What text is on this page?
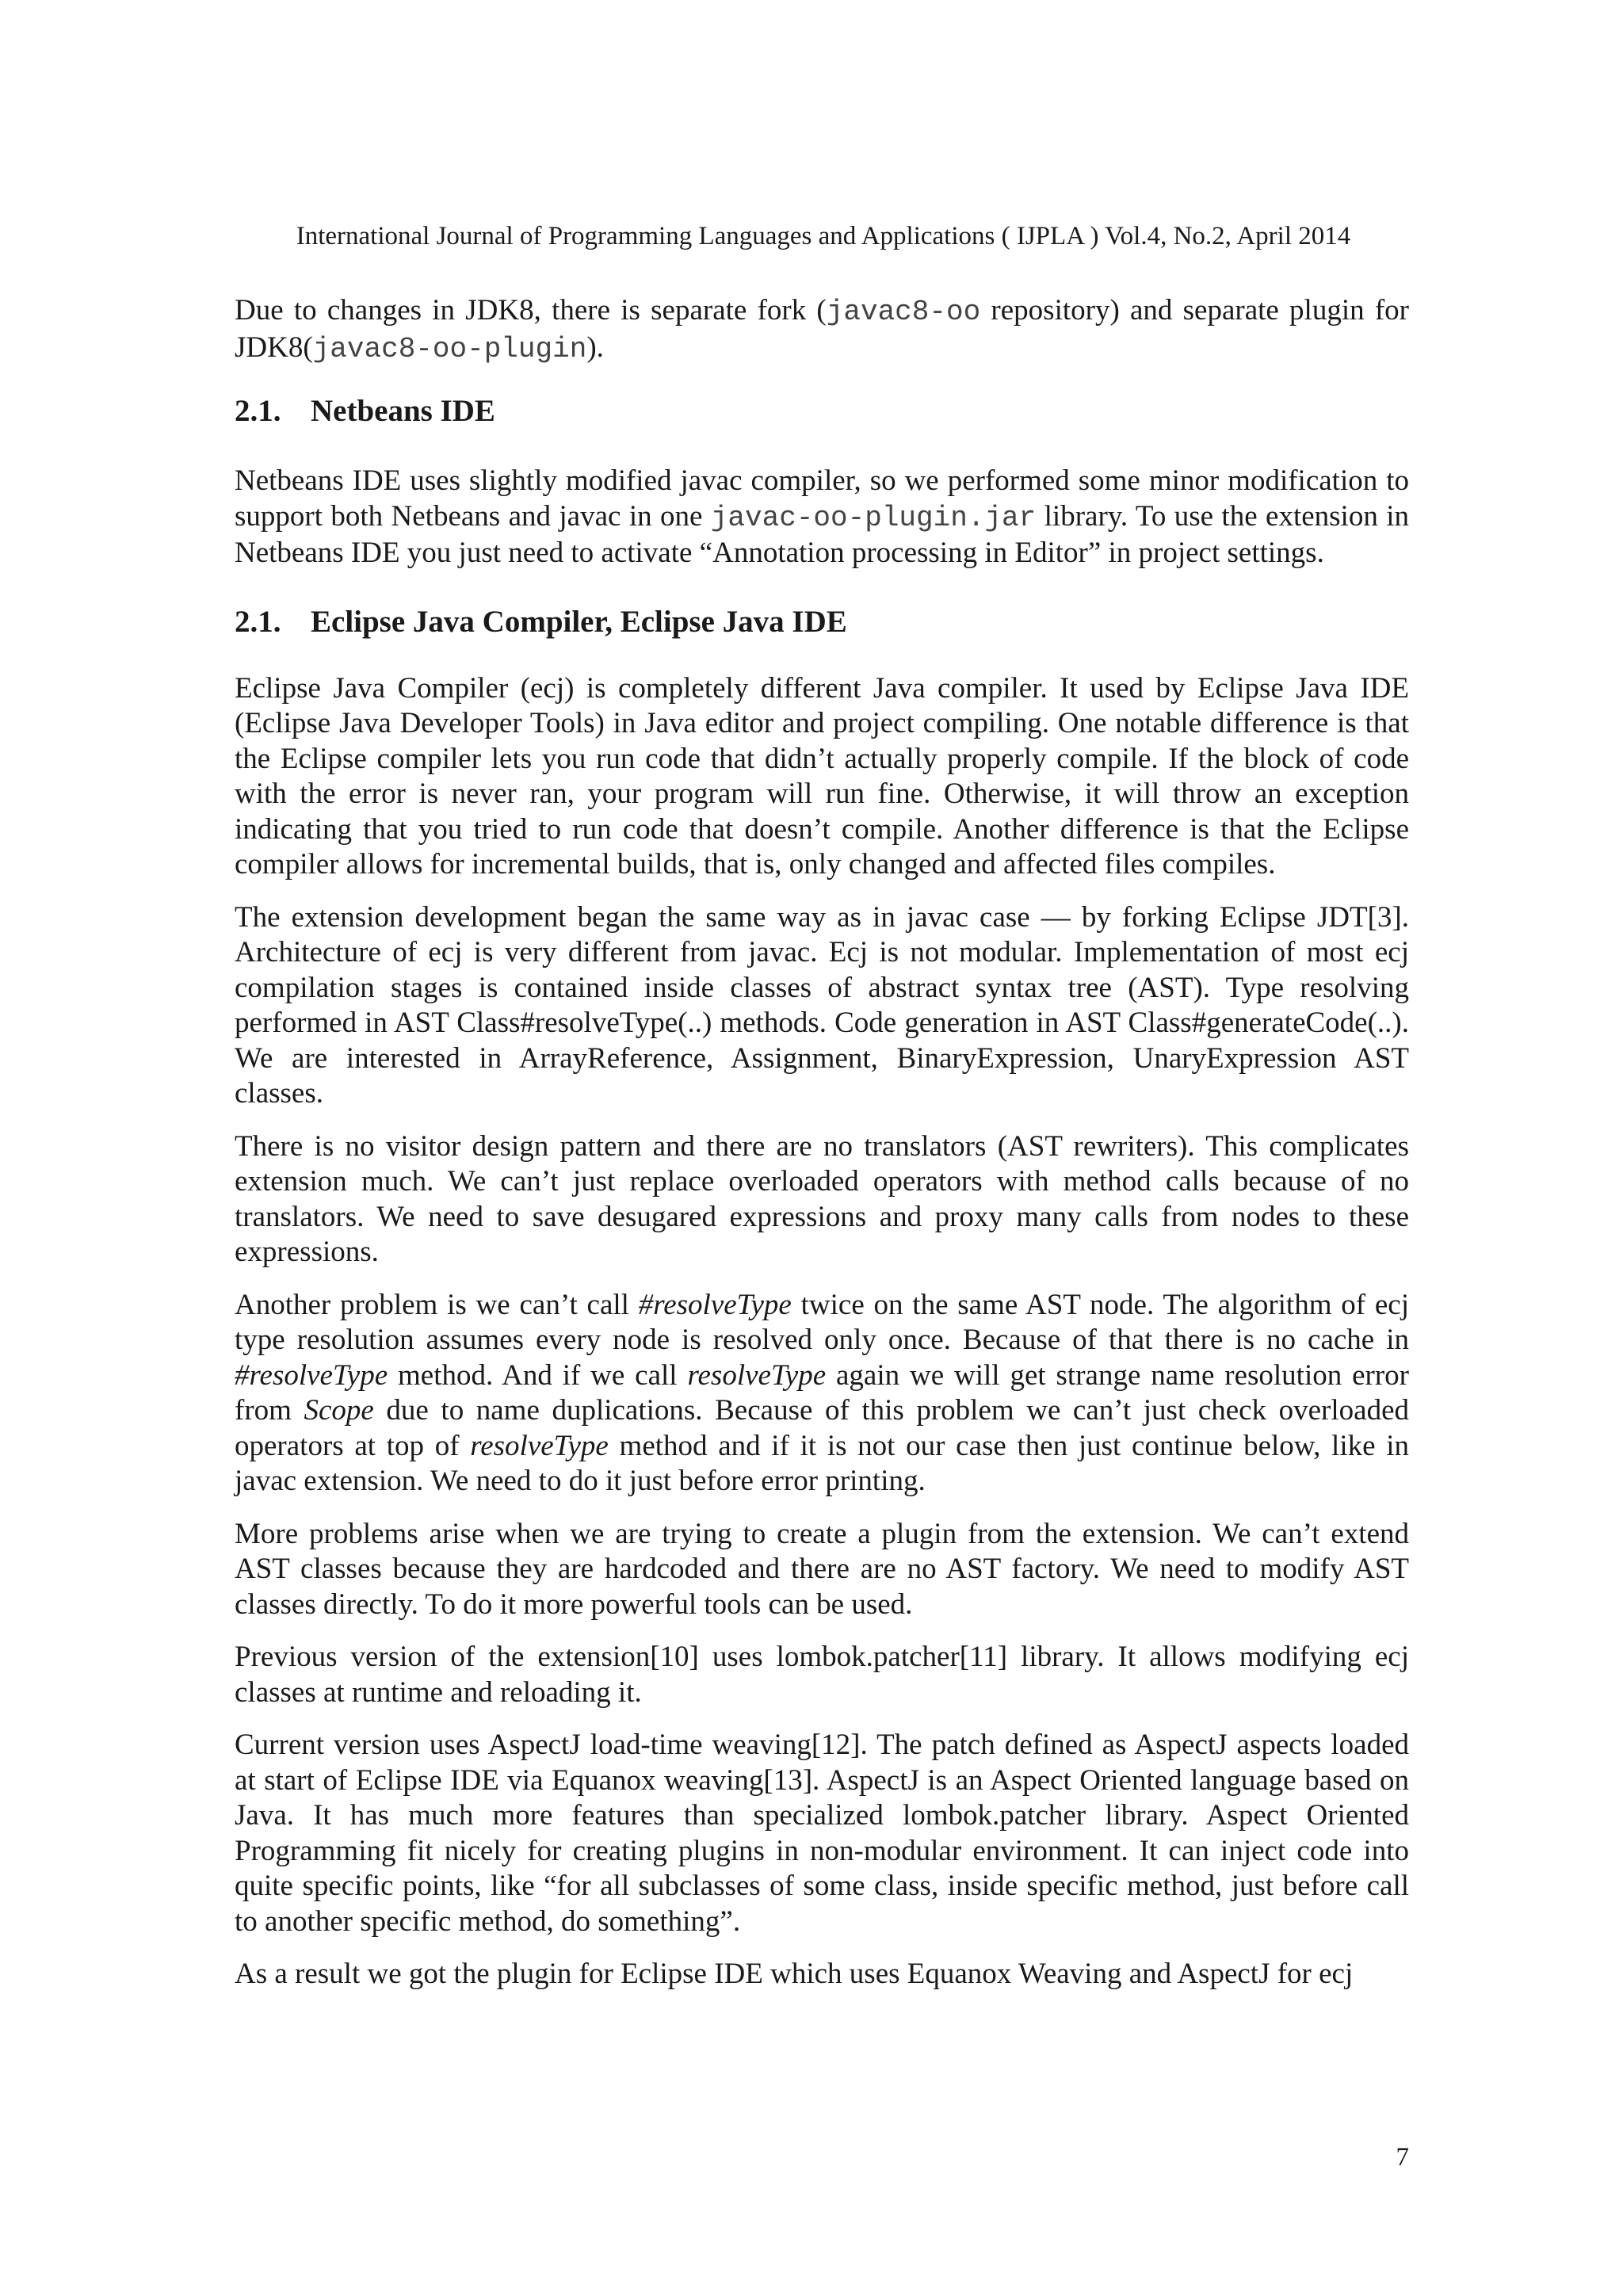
International Journal of Programming Languages and Applications ( IJPLA ) Vol.4, No.2, April 2014

Due to changes in JDK8, there is separate fork (javac8-oo repository) and separate plugin for JDK8(javac8-oo-plugin).

2.1. Netbeans IDE

Netbeans IDE uses slightly modified javac compiler, so we performed some minor modification to support both Netbeans and javac in one javac-oo-plugin.jar library. To use the extension in Netbeans IDE you just need to activate “Annotation processing in Editor” in project settings.

2.1. Eclipse Java Compiler, Eclipse Java IDE

Eclipse Java Compiler (ecj) is completely different Java compiler. It used by Eclipse Java IDE (Eclipse Java Developer Tools) in Java editor and project compiling. One notable difference is that the Eclipse compiler lets you run code that didn’t actually properly compile. If the block of code with the error is never ran, your program will run fine. Otherwise, it will throw an exception indicating that you tried to run code that doesn’t compile. Another difference is that the Eclipse compiler allows for incremental builds, that is, only changed and affected files compiles.

The extension development began the same way as in javac case — by forking Eclipse JDT[3]. Architecture of ecj is very different from javac. Ecj is not modular. Implementation of most ecj compilation stages is contained inside classes of abstract syntax tree (AST). Type resolving performed in AST Class#resolveType(..) methods. Code generation in AST Class#generateCode(..). We are interested in ArrayReference, Assignment, BinaryExpression, UnaryExpression AST classes.

There is no visitor design pattern and there are no translators (AST rewriters). This complicates extension much. We can’t just replace overloaded operators with method calls because of no translators. We need to save desugared expressions and proxy many calls from nodes to these expressions.

Another problem is we can’t call #resolveType twice on the same AST node. The algorithm of ecj type resolution assumes every node is resolved only once. Because of that there is no cache in #resolveType method. And if we call resolveType again we will get strange name resolution error from Scope due to name duplications. Because of this problem we can’t just check overloaded operators at top of resolveType method and if it is not our case then just continue below, like in javac extension. We need to do it just before error printing.

More problems arise when we are trying to create a plugin from the extension. We can’t extend AST classes because they are hardcoded and there are no AST factory. We need to modify AST classes directly. To do it more powerful tools can be used.

Previous version of the extension[10] uses lombok.patcher[11] library. It allows modifying ecj classes at runtime and reloading it.

Current version uses AspectJ load-time weaving[12]. The patch defined as AspectJ aspects loaded at start of Eclipse IDE via Equanox weaving[13]. AspectJ is an Aspect Oriented language based on Java. It has much more features than specialized lombok.patcher library. Aspect Oriented Programming fit nicely for creating plugins in non-modular environment. It can inject code into quite specific points, like “for all subclasses of some class, inside specific method, just before call to another specific method, do something”.

As a result we got the plugin for Eclipse IDE which uses Equanox Weaving and AspectJ for ecj

7
